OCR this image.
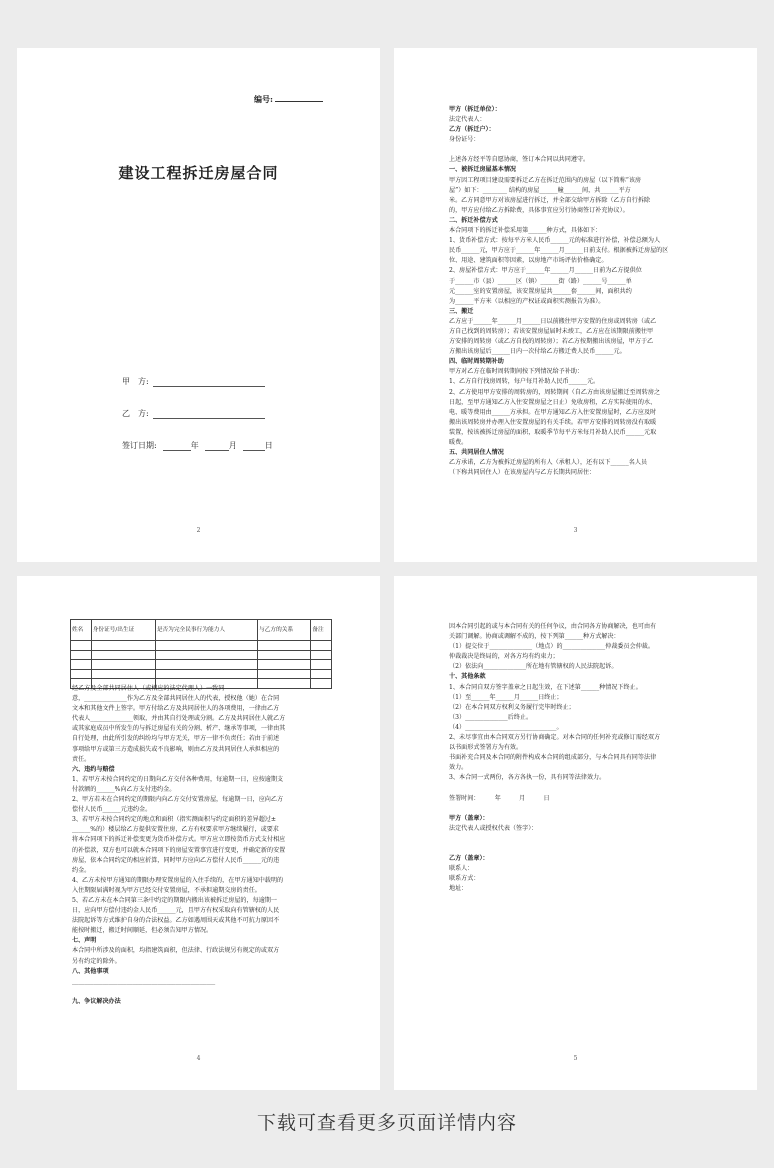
编号:
建设工程拆迁房屋合同
甲　方:
乙　方:
签订日期:	年	月	日
2
甲方（拆迁单位）：
法定代表人：
乙方（拆迁户）：
身份证号：
上述各方经平等自愿协商，签订本合同以共同遵守。
一、被拆迁房屋基本情况
甲方因工程项目建设需要拆迁乙方在拆迁范围内的房屋（以下简称“该房
屋”）如下：________ 结构的房屋______幢______间，共______平方
米。乙方同意甲方对该房屋进行拆迁，并全部交给甲方拆除（乙方自行拆除
的，甲方应付给乙方拆除费，具体事宜应另行协商签订补充协议）。
二、拆迁补偿方式
本合同项下的拆迁补偿采用第______种方式，具体如下：
1、货币补偿方式：按每平方米人民币______元的标准进行补偿，补偿总额为人
民币______元，甲方应于______年______月______日前支付。根据被拆迁房屋的区
位、用途、建筑面积等因素，以房地产市场评估价格确定。
2、房屋补偿方式：甲方应于______年______月______日前为乙方提供位
于______市（县）______区（镇）______街（路）______号______单
元______室的安置房屋，该安置房屋共______套______间，面积共约
为______平方米（以相应的产权证或面积实测报告为准）。
三、搬迁
乙方应于______年______月______日以前搬往甲方安置的住房或周转房（或乙
方自己找到的周转房）；若该安置房屋届时未竣工，乙方应在该期限前搬往甲
方安排的周转房（或乙方自找的周转房）；若乙方按期搬出该房屋，甲方于乙
方搬出该房屋后______日内一次付给乙方搬迁费人民币______元。
四、临时周转期补助
甲方对乙方在临时周转期间按下列情况给予补助：
1、乙方自行找房周转，每户每月补助人民币______元。
2、乙方使用甲方安排的周转房的，周转期间（自乙方由该房屋搬迁至周转房之
日起，至甲方通知乙方入住安置房屋之日止）免收房租，乙方实际使用的水、
电、暖等费用由______方承担。在甲方通知乙方入住安置房屋时，乙方应及时
搬出该周转房并办理入住安置房屋的有关手续。若甲方安排的周转房没有取暖
装置，按该被拆迁房屋的面积，取暖季节每平方米每月补助人民币______元取
暖费。
五、共同居住人情况
乙方承诺，乙方为被拆迁房屋的所有人（承租人），还有以下______名人员
（下称共同居住人）在该房屋内与乙方长期共同居住：
3
姓名	身份证号/出生证	是否为完全民事行为能力人	与乙方的关系	备注

经乙方及全部共同居住人（或相应的法定代理人）一致同
意，______________作为乙方及全部共同居住人的代表，授权他（她）在合同
文本和其他文件上签字。甲方付给乙方及共同居住人的各项费用，一律由乙方
代表人______________领取，并由其自行处理或分割。乙方及共同居住人就乙方
或其家庭成员中所发生的与拆迁房屋有关的分割、析产、继承等事项，一律由其
自行处理，由此所引发的纠纷均与甲方无关，甲方一律不负责任；若由于前述
事项给甲方或第三方造成损失或不良影响，则由乙方及共同居住人承担相应的
责任。
六、违约与赔偿
1、若甲方未按合同约定的日期向乙方交付各种费用，每逾期一日，应按逾期支
付款额的______%向乙方支付违约金。
2、甲方若未在合同约定的期限内向乙方交付安置房屋，每逾期一日，应向乙方
偿付人民币______元违约金。
3、若甲方未按合同约定的地点和面积（指实测面积与约定面积的差异超过±
______%的）楼层给乙方提供安置住房，乙方有权要求甲方继续履行，或要求
将本合同项下的拆迁补偿变更为货币补偿方式。甲方应立即按货币方式支付相应
的补偿款，双方也可以就本合同项下的房屋安置事宜进行变更，并确定新的安置
房屋，依本合同约定的相应折算，同时甲方应向乙方偿付人民币______元的违
约金。
4、乙方未按甲方通知的期限办理安置房屋的入住手续的，在甲方通知中载明的
入住期限届满时视为甲方已经交付安置房屋，不承担逾期交房的责任。
5、若乙方未在本合同第三条中约定的期限内搬出该被拆迁房屋的，每逾期一
日，应向甲方偿付违约金人民币______元，且甲方有权采取向有管辖权的人民
法院起诉等方式维护自身的合法权益。乙方如遇周围天或其他不可抗力原因不
能按时搬迁，搬迁时间顺延，但必须告知甲方情况。
七、声明
本合同中所涉及的面积，均指建筑面积，但法律、行政法规另有规定的或双方
另有约定的除外。
八、其他事项
_______________________________________________
九、争议解决办法
4
因本合同引起的或与本合同有关的任何争议，由合同各方协商解决，也可由有
关部门调解。协商或调解不成的，按下列第______种方式解决：
（1）提交位于______________（地点）的______________仲裁委员会仲裁。
仲裁裁决是终局的，对各方均有约束力；
（2）依法向______________所在地有管辖权的人民法院起诉。
十、其他条款
1、本合同自双方签字盖章之日起生效，在下述第______种情况下终止。
（1）至______年______月______日终止；
（2）在本合同双方权利义务履行完毕时终止；
（3）______________后终止。
（4）______________________________。
2、未尽事宜由本合同双方另行协商确定。对本合同的任何补充或修订需经双方
以书面形式签署方为有效。
书面补充合同及本合同的附件构成本合同的组成部分，与本合同具有同等法律
效力。
3、本合同一式两份，各方各执一份，具有同等法律效力。
签署时间：　　　年　　　月　　　日
甲方（盖章）：
法定代表人或授权代表（签字）：
乙方（盖章）：
联系人：
联系方式：
地址：
5
下载可查看更多页面详情内容
